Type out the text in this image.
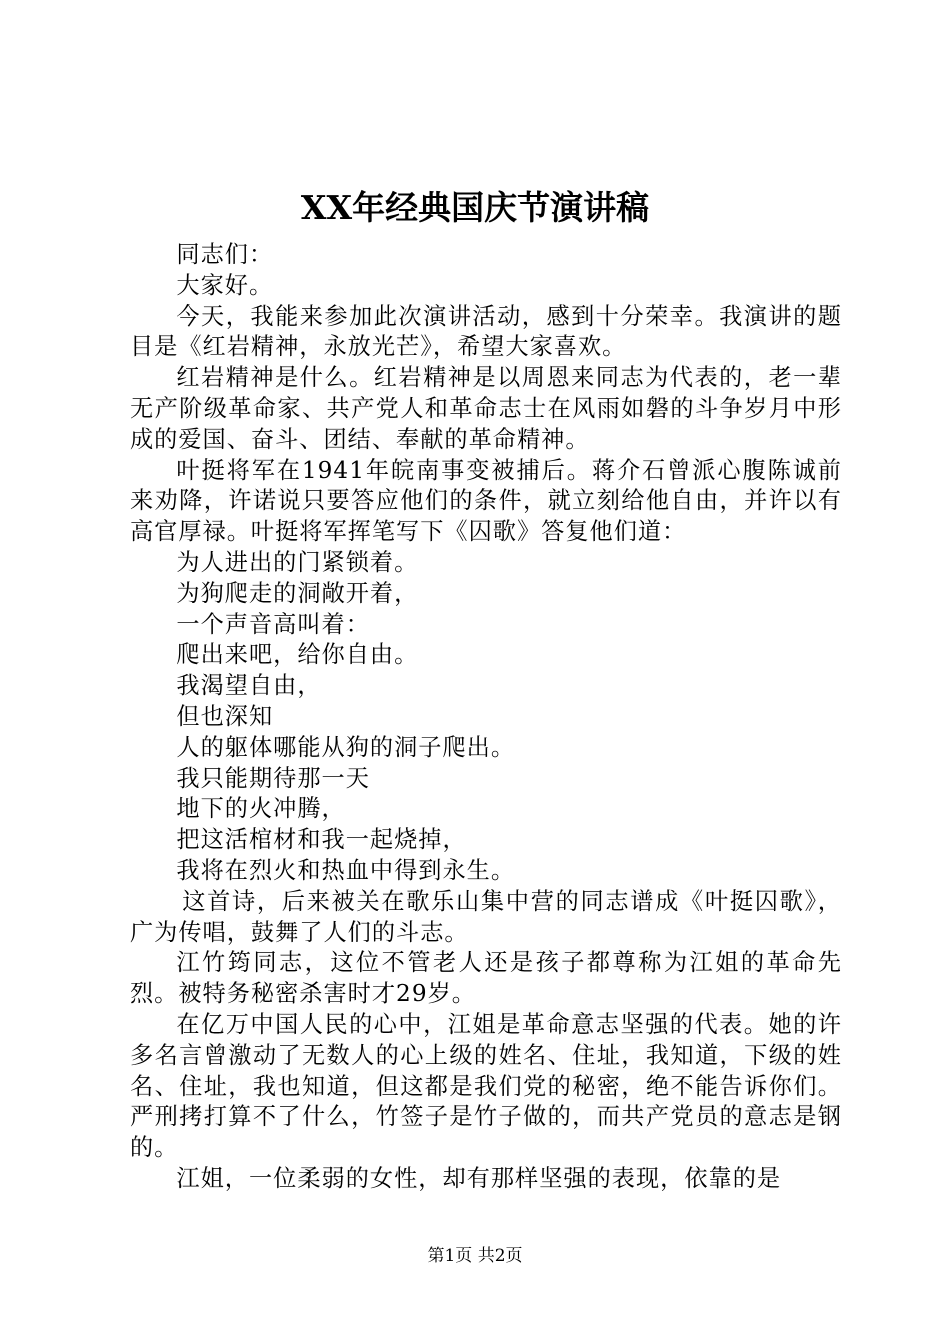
XX年经典国庆节演讲稿

同志们：

大家好。

今天，我能来参加此次演讲活动，感到十分荣幸。我演讲的题目是《红岩精神，永放光芒》，希望大家喜欢。

红岩精神是什么。红岩精神是以周恩来同志为代表的，老一辈无产阶级革命家、共产党人和革命志士在风雨如磐的斗争岁月中形成的爱国、奋斗、团结、奉献的革命精神。

叶挺将军在1941年皖南事变被捕后。蒋介石曾派心腹陈诚前来劝降，许诺说只要答应他们的条件，就立刻给他自由，并许以有高官厚禄。叶挺将军挥笔写下《囚歌》答复他们道：

为人进出的门紧锁着。

为狗爬走的洞敞开着，

一个声音高叫着：

爬出来吧，给你自由。

我渴望自由，

但也深知

人的躯体哪能从狗的洞子爬出。

我只能期待那一天

地下的火冲腾，

把这活棺材和我一起烧掉，

我将在烈火和热血中得到永生。

这首诗，后来被关在歌乐山集中营的同志谱成《叶挺囚歌》，广为传唱，鼓舞了人们的斗志。

江竹筠同志，这位不管老人还是孩子都尊称为江姐的革命先烈。被特务秘密杀害时才29岁。

在亿万中国人民的心中，江姐是革命意志坚强的代表。她的许多名言曾激动了无数人的心上级的姓名、住址，我知道，下级的姓名、住址，我也知道，但这都是我们党的秘密，绝不能告诉你们。严刑拷打算不了什么，竹签子是竹子做的，而共产党员的意志是钢的。

江姐，一位柔弱的女性，却有那样坚强的表现，依靠的是

第1页 共2页
